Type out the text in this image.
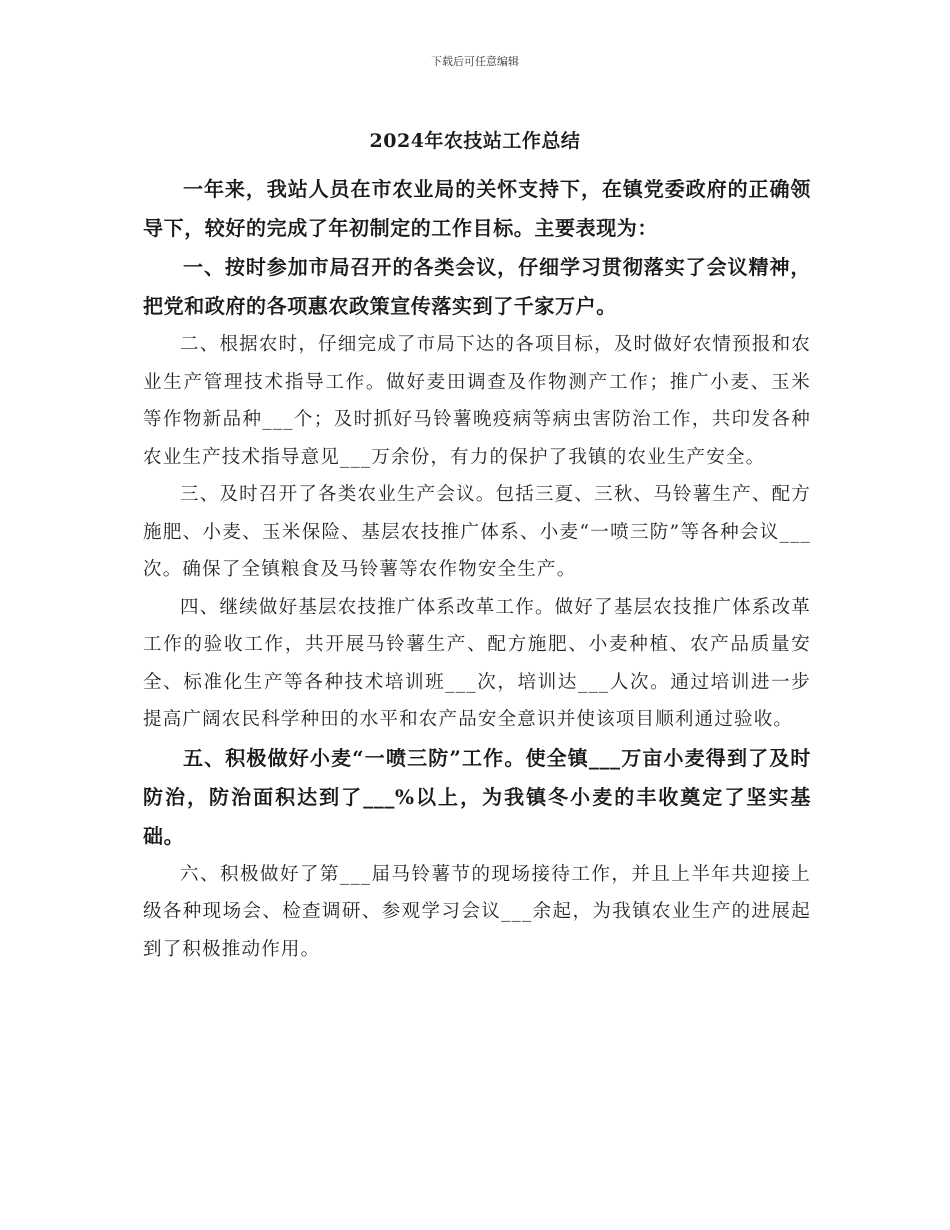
下载后可任意编辑
2024年农技站工作总结

一年来，我站人员在市农业局的关怀支持下，在镇党委政府的正确领导下，较好的完成了年初制定的工作目标。主要表现为：

一、按时参加市局召开的各类会议，仔细学习贯彻落实了会议精神，把党和政府的各项惠农政策宣传落实到了千家万户。

二、根据农时，仔细完成了市局下达的各项目标，及时做好农情预报和农业生产管理技术指导工作。做好麦田调查及作物测产工作；推广小麦、玉米等作物新品种___个；及时抓好马铃薯晚疫病等病虫害防治工作，共印发各种农业生产技术指导意见___万余份，有力的保护了我镇的农业生产安全。

三、及时召开了各类农业生产会议。包括三夏、三秋、马铃薯生产、配方施肥、小麦、玉米保险、基层农技推广体系、小麦“一喷三防”等各种会议___次。确保了全镇粮食及马铃薯等农作物安全生产。

四、继续做好基层农技推广体系改革工作。做好了基层农技推广体系改革工作的验收工作，共开展马铃薯生产、配方施肥、小麦种植、农产品质量安全、标准化生产等各种技术培训班___次，培训达___人次。通过培训进一步提高广阔农民科学种田的水平和农产品安全意识并使该项目顺利通过验收。

五、积极做好小麦“一喷三防”工作。使全镇___万亩小麦得到了及时防治，防治面积达到了___%以上，为我镇冬小麦的丰收奠定了坚实基础。

六、积极做好了第___届马铃薯节的现场接待工作，并且上半年共迎接上级各种现场会、检查调研、参观学习会议___余起，为我镇农业生产的进展起到了积极推动作用。
